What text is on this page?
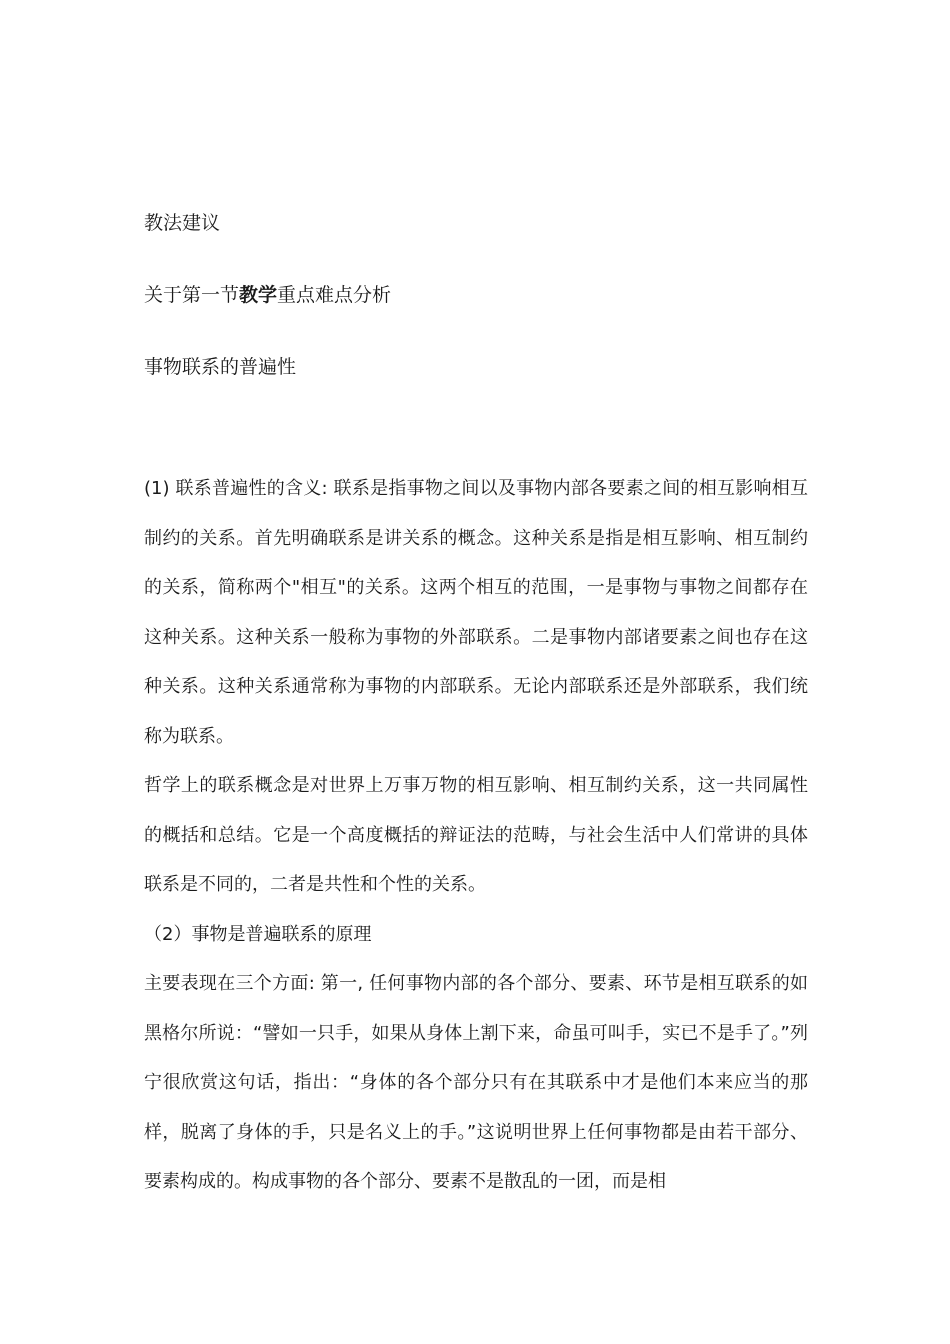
教法建议
关于第一节教学重点难点分析
事物联系的普遍性

(1) 联系普遍性的含义: 联系是指事物之间以及事物内部各要素之间的相互影响相互制约的关系。首先明确联系是讲关系的概念。这种关系是指是相互影响、相互制约的关系，简称两个"相互"的关系。这两个相互的范围，一是事物与事物之间都存在这种关系。这种关系一般称为事物的外部联系。二是事物内部诸要素之间也存在这种关系。这种关系通常称为事物的内部联系。无论内部联系还是外部联系，我们统称为联系。

哲学上的联系概念是对世界上万事万物的相互影响、相互制约关系，这一共同属性的概括和总结。它是一个高度概括的辩证法的范畴，与社会生活中人们常讲的具体联系是不同的，二者是共性和个性的关系。

（2）事物是普遍联系的原理

主要表现在三个方面: 第一, 任何事物内部的各个部分、要素、环节是相互联系的如黑格尔所说：“譬如一只手，如果从身体上割下来，命虽可叫手，实已不是手了。”列宁很欣赏这句话，指出：“身体的各个部分只有在其联系中才是他们本来应当的那样，脱离了身体的手，只是名义上的手。”这说明世界上任何事物都是由若干部分、要素构成的。构成事物的各个部分、要素不是散乱的一团，而是相
